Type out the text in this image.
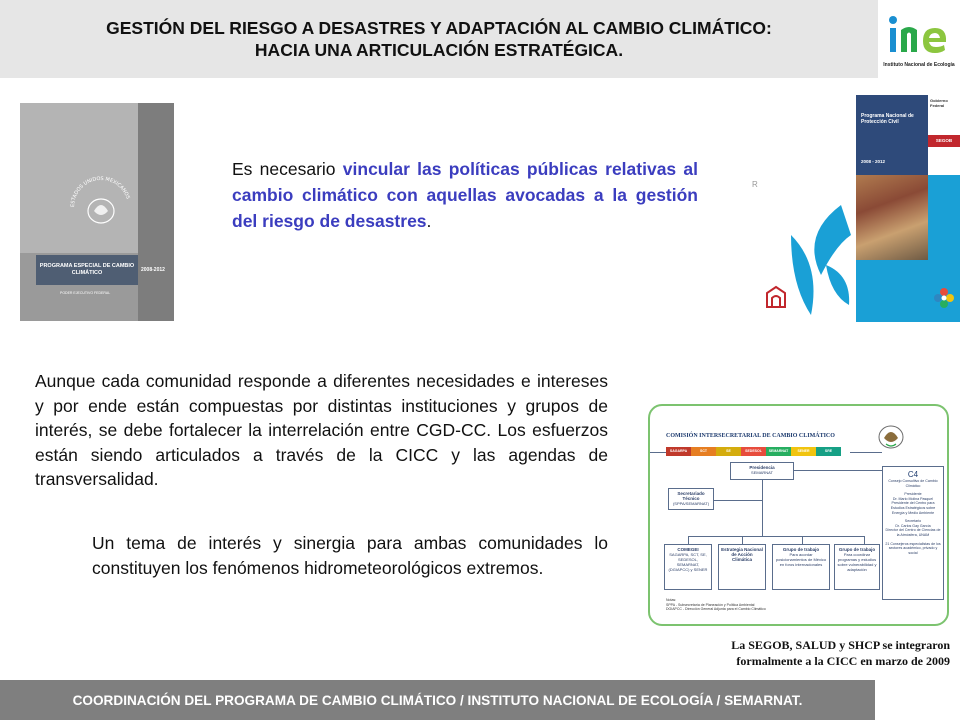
GESTIÓN DEL RIESGO A DESASTRES Y ADAPTACIÓN AL CAMBIO CLIMÁTICO:
HACIA UNA ARTICULACIÓN ESTRATÉGICA.
Instituto Nacional de Ecología
ESTADOS UNIDOS MEXICANOS
PROGRAMA ESPECIAL DE CAMBIO CLIMÁTICO	2008-2012
PODER EJECUTIVO FEDERAL
R
Programa Nacional de Protección Civil
2008 - 2012
Gobierno Federal
SEGOB

Es necesario vincular las políticas públicas relativas al cambio climático con aquellas avocadas a la gestión del riesgo de desastres.

Aunque cada comunidad responde a diferentes necesidades e intereses y por ende están compuestas por distintas instituciones y grupos de interés, se debe fortalecer la interrelación entre CGD-CC. Los esfuerzos están siendo articulados a través de la CICC y las agendas de transversalidad.

Un tema de interés y sinergia para ambas comunidades lo constituyen los fenómenos hidrometeorológicos extremos.

COMISIÓN INTERSECRETARIAL DE CAMBIO CLIMÁTICO
SAGARPA	SCT	SE	SEDESOL	SEMARNAT	SENER	SRE
Presidencia
SEMARNAT
Secretariado Técnico
(SPPA/SEMARNAT)
COMEGEI
SAGARPA, SCT, SE, SEDESOL, SEMARNAT, (DGIAPCC) y SENER
Estrategia Nacional de Acción Climática
Grupo de trabajo
Para acordar posicionamientos de México en foros internacionales
Grupo de trabajo
Para coordinar programas y estudios sobre vulnerabilidad y adaptación
C4
Consejo Consultivo de Cambio Climático
Presidente
Dr. Mario Molina Pasquel
Presidente del Centro para Estudios Estratégicos sobre Energía y Medio Ambiente
Secretario
Dr. Carlos Gay García
Director del Centro de Ciencias de la Atmósfera, UNAM
21 Consejeros especialistas de los sectores académico, privado y social
Notas:
SPPA - Subsecretaría de Planeación y Política Ambiental
DGIAPCC - Dirección General Adjunta para el Cambio Climático
La SEGOB, SALUD y SHCP se integraron
formalmente a la CICC en marzo de 2009
COORDINACIÓN DEL PROGRAMA DE CAMBIO CLIMÁTICO / INSTITUTO NACIONAL DE ECOLOGÍA / SEMARNAT.
